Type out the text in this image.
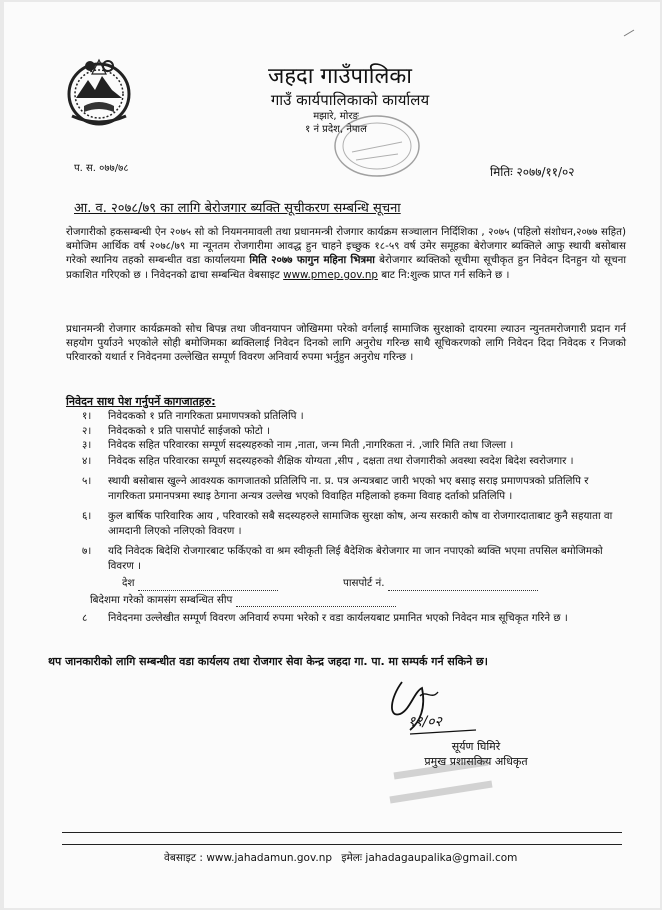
जहदा गाउँपालिका
गाउँ कार्यपालिकाको कार्यालय
मझारे, मोरङ
१ नं प्रदेश, नेपाल
प. स. ०७७/७८	मितिः २०७७/११/०२
आ. व. २०७८/७९ का लागि बेरोजगार ब्यक्ति सूचीकरण सम्बन्धि सूचना
रोजगारीको हकसम्बन्धी ऐन २०७५ सो को नियमनमावली तथा प्रधानमन्त्री रोजगार कार्यक्रम सञ्चालान निर्दिशिका , २०७५ (पहिलो संशोधन,२०७७ सहित) बमोजिम आर्थिक वर्ष २०७८/७९ मा न्यूनतम रोजगारीमा आवद्ध हुन चाहने इच्छुक १८-५९ वर्ष उमेर समूहका बेरोजगार ब्यक्तिले आफु स्थायी बसोबास गरेको स्थानिय तहको सम्बन्धीत वडा कार्यालयमा मिति २०७७ फागुन महिना भित्रमा बेरोजगार ब्यक्तिको सूचीमा सूचीकृत हुन निवेदन दिनहुन यो सूचना प्रकाशित गरिएको छ । निवेदनको ढाचा सम्बन्धित वेबसाइट www.pmep.gov.np बाट नि:शुल्क प्राप्त गर्न सकिने छ ।
प्रधानमन्त्री रोजगार कार्यक्रमको सोच बिपन्न तथा जीवनयापन जोखिममा परेको वर्गलाई सामाजिक सुरक्षाको दायरमा ल्याउन न्युनतमरोजगारी प्रदान गर्न सहयोग पुर्याउने भएकोले सोही बमोजिमका ब्यक्तिलाई निवेदन दिनको लागि अनुरोध गरिन्छ साथै सूचिकरणको लागि निवेदन दिदा निवेदक र निजको परिवारको यथार्त र निवेदनमा उल्लेखित सम्पूर्ण विवरण अनिवार्य रुपमा भर्नुहुन अनुरोध गरिन्छ ।
निवेदन साथ पेश गर्नुपर्ने कागजातहरु:
१। निवेदकको १ प्रति नागरिकता प्रमाणपत्रको प्रतिलिपि ।
२। निवेदकको १ प्रति पासपोर्ट साईजको फोटो ।
३। निवेदक सहित परिवारका सम्पूर्ण सदस्यहरुको नाम ,नाता, जन्म मिती ,नागरिकता नं. ,जारि मिति तथा जिल्ला ।
४। निवेदक सहित परिवारका सम्पूर्ण सदस्यहरुको शैक्षिक योग्यता ,सीप , दक्षता तथा रोजगारीको अवस्था स्वदेश बिदेश स्वरोजगार ।
५। स्थायी बसोबास खुल्ने आवश्यक कागजातको प्रतिलिपि ना. प्र. पत्र अन्यत्रबाट जारी भएको भए बसाइ सराइ प्रमाणपत्रको प्रतिलिपि र नागरिकता प्रमानपत्रमा स्थाइ ठेगाना अन्यत्र उल्लेख भएको विवाहित महिलाको हकमा विवाह दर्ताको प्रतिलिपि ।
६। कुल बार्षिक पारिवारिक आय , परिवारको सबै सदस्यहरुले सामाजिक सुरक्षा कोष, अन्य सरकारी कोष वा रोजगारदाताबाट कुनै सहयाता वा आमदानी लिएको नलिएको विवरण ।
७। यदि निवेदक बिदेशि रोजगारबाट फर्किएको वा श्रम स्वीकृती लिई बैदेशिक बेरोजगार मा जान नपाएको ब्यक्ति भएमा तपसिल बमोजिमको विवरण ।
देश	पासपोर्ट नं.
बिदेशमा गरेको कामसंग सम्बन्धित सीप
८ निवेदनमा उल्लेखीत सम्पूर्ण विवरण अनिवार्य रुपमा भरेको र वडा कार्यलयबाट प्रमानित भएको निवेदन मात्र सूचिकृत गरिने छ ।
थप जानकारीको लागि सम्बन्धीत वडा कार्यलय तथा रोजगार सेवा केन्द्र जहदा गा. पा. मा सम्पर्क गर्न सकिने छ।
११/०२
सूर्यण घिमिरे
प्रमुख प्रशासकिय अधिकृत
वेबसाइट : www.jahadamun.gov.np इमेलः jahadagaupalika@gmail.com
